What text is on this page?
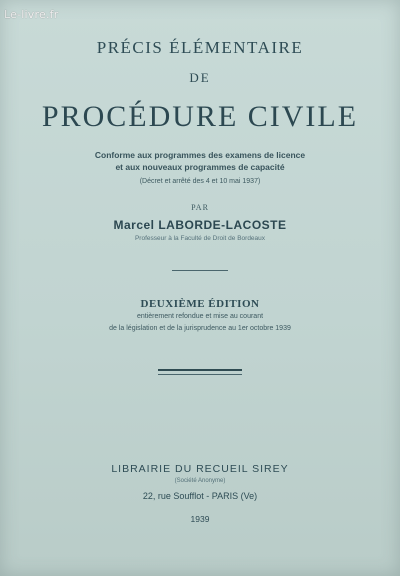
Le-livre.fr
PRÉCIS ÉLÉMENTAIRE
DE
PROCÉDURE CIVILE
Conforme aux programmes des examens de licence
et aux nouveaux programmes de capacité
(Décret et arrêté des 4 et 10 mai 1937)
PAR
Marcel LABORDE-LACOSTE
Professeur à la Faculté de Droit de Bordeaux
DEUXIÈME ÉDITION
entièrement refondue et mise au courant
de la législation et de la jurisprudence au 1er octobre 1939
LIBRAIRIE DU RECUEIL SIREY
(Société Anonyme)
22, rue Soufflot - PARIS (Ve)
1939
